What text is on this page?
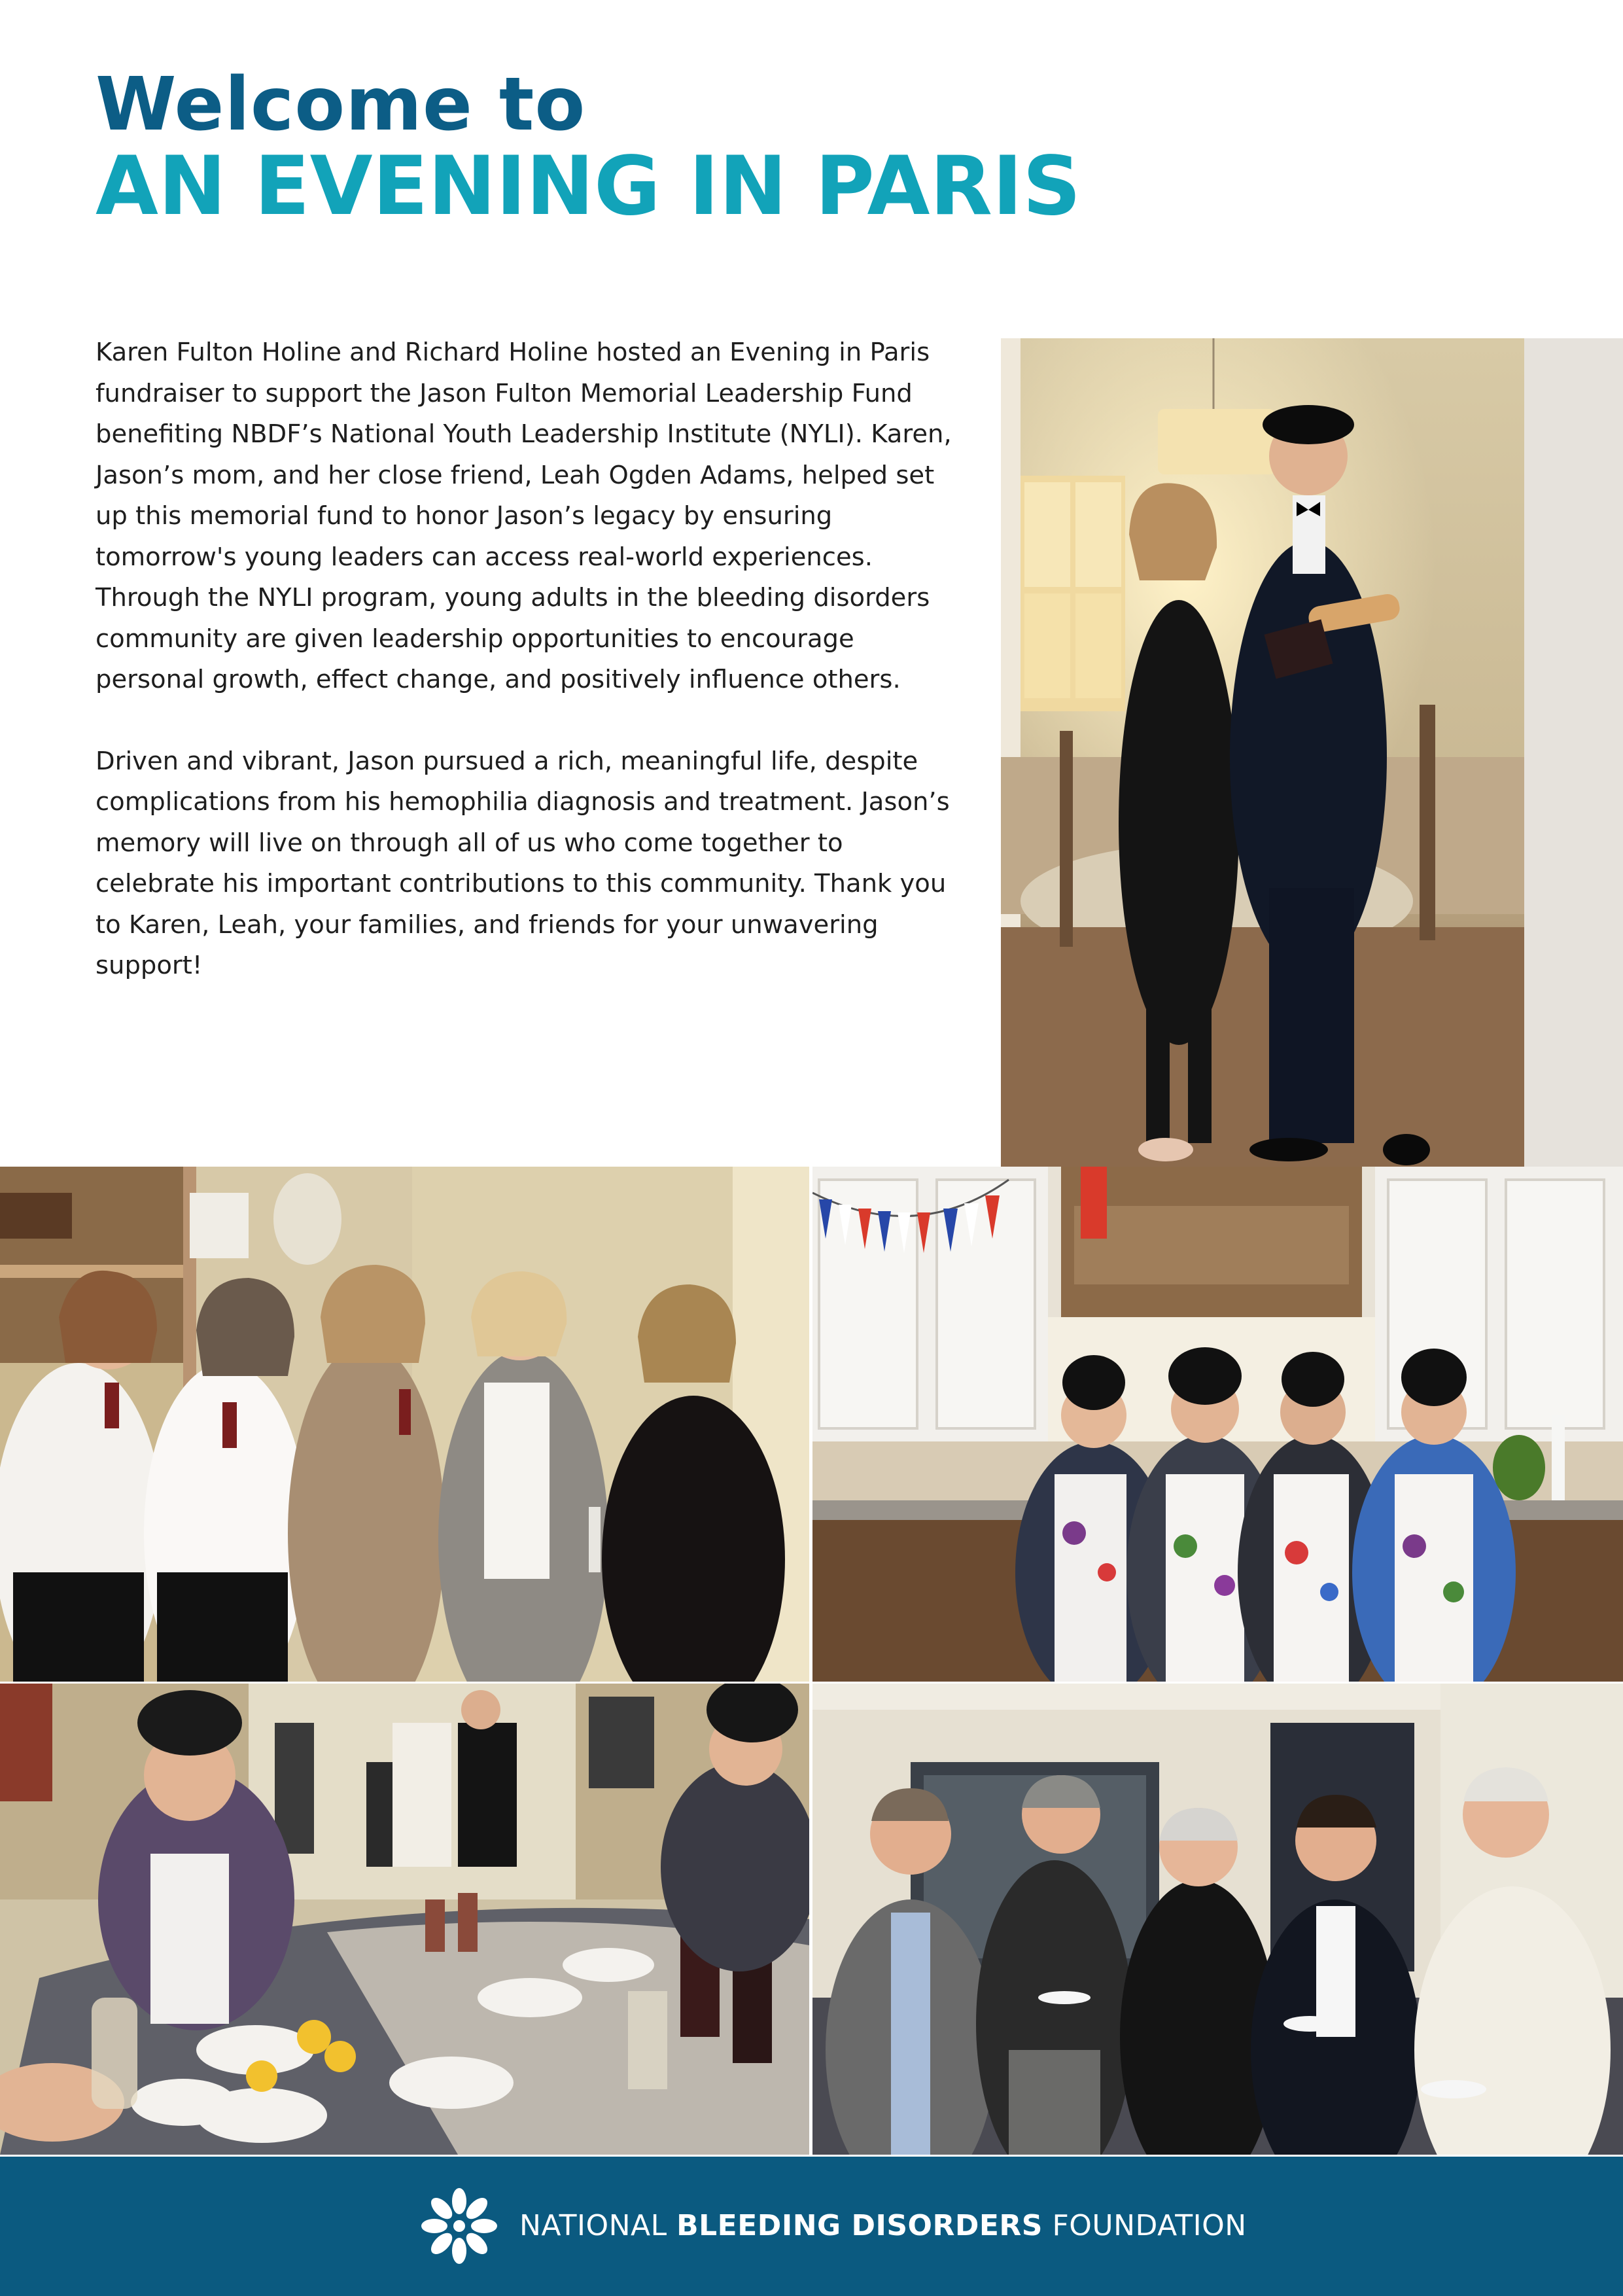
Welcome to
AN EVENING IN PARIS

Karen Fulton Holine and Richard Holine hosted an Evening in Paris fundraiser to support the Jason Fulton Memorial Leadership Fund benefiting NBDF’s National Youth Leadership Institute (NYLI). Karen, Jason’s mom, and her close friend, Leah Ogden Adams, helped set up this memorial fund to honor Jason’s legacy by ensuring tomorrow's young leaders can access real-world experiences. Through the NYLI program, young adults in the bleeding disorders community are given leadership opportunities to encourage personal growth, effect change, and positively influence others.

Driven and vibrant, Jason pursued a rich, meaningful life, despite complications from his hemophilia diagnosis and treatment. Jason’s memory will live on through all of us who come together to celebrate his important contributions to this community. Thank you to Karen, Leah, your families, and friends for your unwavering support!

NATIONAL BLEEDING DISORDERS FOUNDATION
